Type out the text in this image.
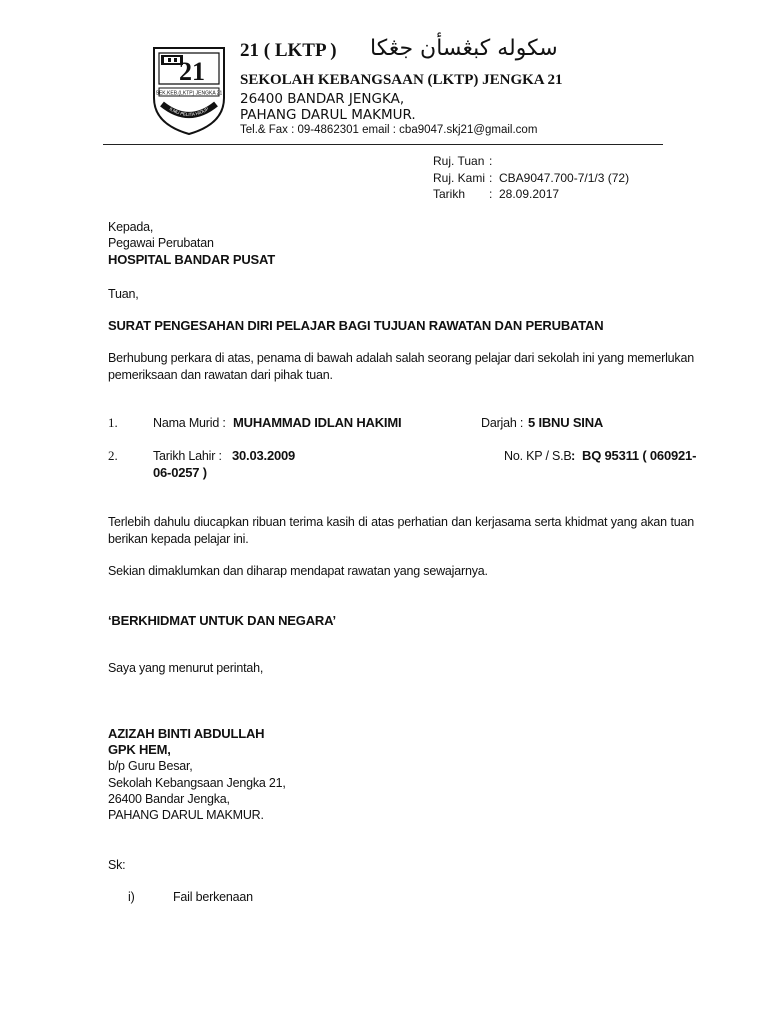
21
SEK.KEB.(LKTP) JENGKA 21
ILMU PELITA HIDUP
21 ( LKTP ) سكوله كبڠسأن جڠكا
SEKOLAH KEBANGSAAN (LKTP) JENGKA 21
26400 BANDAR JENGKA,
PAHANG DARUL MAKMUR.
Tel.& Fax : 09-4862301 email : cba9047.skj21@gmail.com
Ruj. Tuan :
Ruj. Kami : CBA9047.700-7/1/3 (72)
Tarikh : 28.09.2017
Kepada,
Pegawai Perubatan
HOSPITAL BANDAR PUSAT
Tuan,
SURAT PENGESAHAN DIRI PELAJAR BAGI TUJUAN RAWATAN DAN PERUBATAN
Berhubung perkara di atas, penama di bawah adalah salah seorang pelajar dari sekolah ini yang memerlukan pemeriksaan dan rawatan dari pihak tuan.
1.	Nama Murid : MUHAMMAD IDLAN HAKIMI	Darjah : 5 IBNU SINA
2.	Tarikh Lahir : 30.03.2009	No. KP / S.B : BQ 95311 ( 060921-
06-0257 )
Terlebih dahulu diucapkan ribuan terima kasih di atas perhatian dan kerjasama serta khidmat yang akan tuan berikan kepada pelajar ini.
Sekian dimaklumkan dan diharap mendapat rawatan yang sewajarnya.
‘BERKHIDMAT UNTUK DAN NEGARA’
Saya yang menurut perintah,
AZIZAH BINTI ABDULLAH
GPK HEM,
b/p Guru Besar,
Sekolah Kebangsaan Jengka 21,
26400 Bandar Jengka,
PAHANG DARUL MAKMUR.
Sk:
i)	Fail berkenaan
